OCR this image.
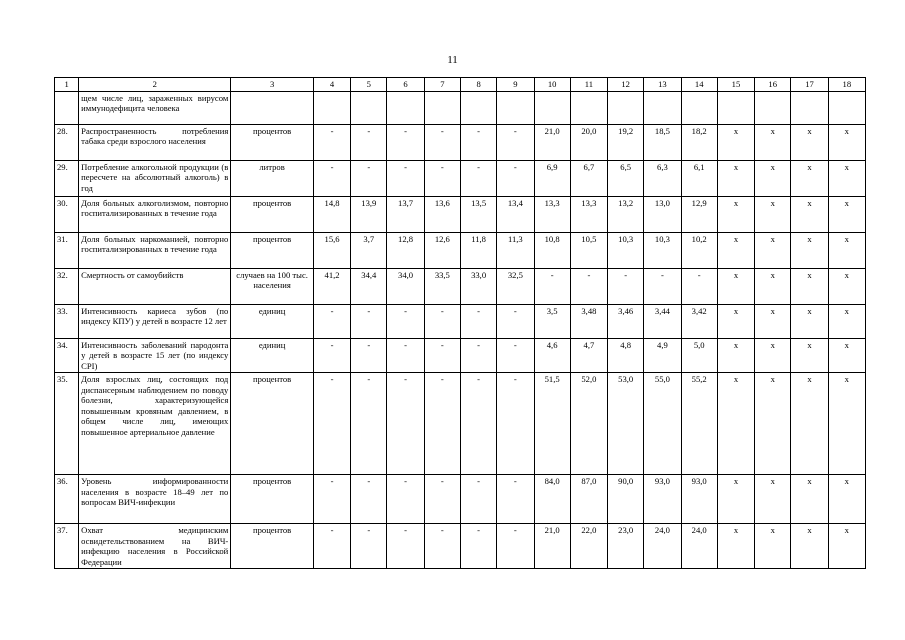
11
1	2	3	4	5	6	7	8	9	10	11	12	13	14	15	16	17	18
	щем числе лиц, зараженных вирусом иммунодефицита человека																
28.	Распространенность потребления табака среди взрослого населения	процентов	-	-	-	-	-	-	21,0	20,0	19,2	18,5	18,2	x	x	x	x
29.	Потребление алкогольной продукции (в пересчете на абсолютный алкоголь) в год	литров	-	-	-	-	-	-	6,9	6,7	6,5	6,3	6,1	x	x	x	x
30.	Доля больных алкоголизмом, повторно госпитализированных в течение года	процентов	14,8	13,9	13,7	13,6	13,5	13,4	13,3	13,3	13,2	13,0	12,9	x	x	x	x
31.	Доля больных наркоманией, повторно госпитализированных в течение года	процентов	15,6	3,7	12,8	12,6	11,8	11,3	10,8	10,5	10,3	10,3	10,2	x	x	x	x
32.	Смертность от самоубийств	случаев на 100 тыс. населения	41,2	34,4	34,0	33,5	33,0	32,5	-	-	-	-	-	x	x	x	x
33.	Интенсивность кариеса зубов (по индексу КПУ) у детей в возрасте 12 лет	единиц	-	-	-	-	-	-	3,5	3,48	3,46	3,44	3,42	x	x	x	x
34.	Интенсивность заболеваний пародонта у детей в возрасте 15 лет (по индексу CPI)	единиц	-	-	-	-	-	-	4,6	4,7	4,8	4,9	5,0	x	x	x	x
35.	Доля взрослых лиц, состоящих под диспансерным наблюдением по поводу болезни, характеризующейся повышенным кровяным давлением, в общем числе лиц, имеющих повышенное артериальное давление	процентов	-	-	-	-	-	-	51,5	52,0	53,0	55,0	55,2	x	x	x	x
36.	Уровень информированности населения в возрасте 18–49 лет по вопросам ВИЧ-инфекции	процентов	-	-	-	-	-	-	84,0	87,0	90,0	93,0	93,0	x	x	x	x
37.	Охват медицинским освидетельствованием на ВИЧ-инфекцию населения в Российской Федерации	процентов	-	-	-	-	-	-	21,0	22,0	23,0	24,0	24,0	x	x	x	x
